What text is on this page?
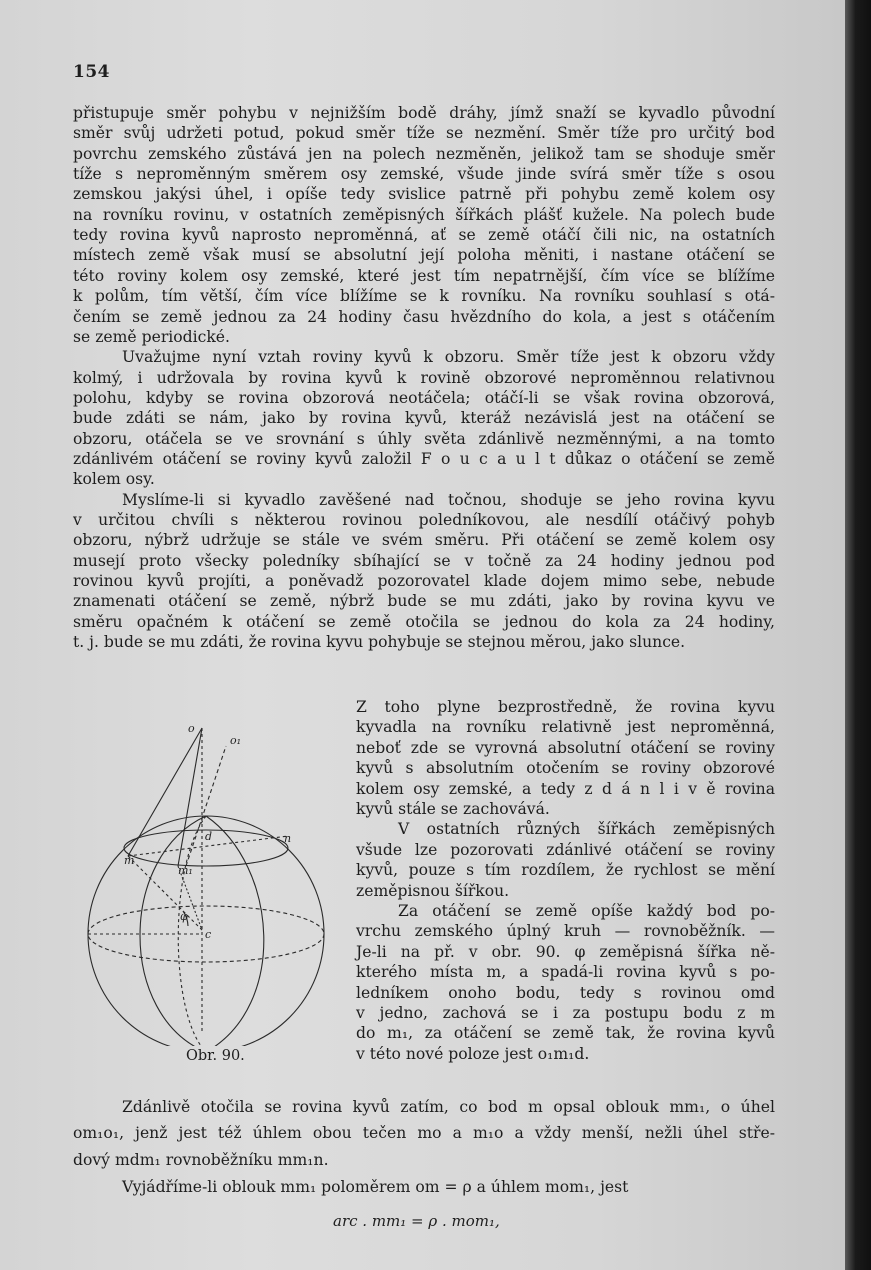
154
přistupuje směr pohybu v nejnižším bodě dráhy, jímž snaží se kyvadlo původní
směr svůj udržeti potud, pokud směr tíže se nezmění. Směr tíže pro určitý bod
povrchu zemského zůstává jen na polech nezměněn, jelikož tam se shoduje směr
tíže s neproměnným směrem osy zemské, všude jinde svírá směr tíže s osou
zemskou jakýsi úhel, i opíše tedy svislice patrně při pohybu země kolem osy
na rovníku rovinu, v ostatních zeměpisných šířkách plášť kužele. Na polech bude
tedy rovina kyvů naprosto neproměnná, ať se země otáčí čili nic, na ostatních
místech země však musí se absolutní její poloha měniti, i nastane otáčení se
této roviny kolem osy zemské, které jest tím nepatrnější, čím více se blížíme
k polům, tím větší, čím více blížíme se k rovníku. Na rovníku souhlasí s otá-
čením se země jednou za 24 hodiny času hvězdního do kola, a jest s otáčením
se země periodické.
Uvažujme nyní vztah roviny kyvů k obzoru. Směr tíže jest k obzoru vždy
kolmý, i udržovala by rovina kyvů k rovině obzorové neproměnnou relativnou
polohu, kdyby se rovina obzorová neotáčela; otáčí-li se však rovina obzorová,
bude zdáti se nám, jako by rovina kyvů, kteráž nezávislá jest na otáčení se
obzoru, otáčela se ve srovnání s úhly světa zdánlivě nezměnnými, a na tomto
zdánlivém otáčení se roviny kyvů založil F o u c a u l t důkaz o otáčení se země
kolem osy.
Myslíme-li si kyvadlo zavěšené nad točnou, shoduje se jeho rovina kyvu
v určitou chvíli s některou rovinou poledníkovou, ale nesdílí otáčivý pohyb
obzoru, nýbrž udržuje se stále ve svém směru. Při otáčení se země kolem osy
musejí proto všecky poledníky sbíhající se v točně za 24 hodiny jednou pod
rovinou kyvů projíti, a poněvadž pozorovatel klade dojem mimo sebe, nebude
znamenati otáčení se země, nýbrž bude se mu zdáti, jako by rovina kyvu ve
směru opačném k otáčení se země otočila se jednou do kola za 24 hodiny,
t. j. bude se mu zdáti, že rovina kyvu pohybuje se stejnou měrou, jako slunce.
Z toho plyne bezprostředně, že rovina kyvu
kyvadla na rovníku relativně jest neproměnná,
neboť zde se vyrovná absolutní otáčení se roviny
kyvů s absolutním otočením se roviny obzorové
kolem osy zemské, a tedy z d á n l i v ě rovina
kyvů stále se zachovává.
V ostatních různých šířkách zeměpisných
všude lze pozorovati zdánlivé otáčení se roviny
kyvů, pouze s tím rozdílem, že rychlost se mění
zeměpisnou šířkou.
Za otáčení se země opíše každý bod po-
vrchu zemského úplný kruh — rovnoběžník. —
Je-li na př. v obr. 90. φ zeměpisná šířka ně-
kterého místa m, a spadá-li rovina kyvů s po-
ledníkem onoho bodu, tedy s rovinou omd
v jedno, zachová se i za postupu bodu z m
do m₁, za otáčení se země tak, že rovina kyvů
v této nové poloze jest o₁m₁d.
Zdánlivě otočila se rovina kyvů zatím, co bod m opsal oblouk mm₁, o úhel
om₁o₁, jenž jest též úhlem obou tečen mo a m₁o a vždy menší, nežli úhel stře-
dový mdm₁ rovnoběžníku mm₁n.
Vyjádříme-li oblouk mm₁ poloměrem om = ρ a úhlem mom₁, jest
o
o₁
d	n
m
m₁
φ
c
Obr. 90.
arc . mm₁ = ρ . mom₁,
